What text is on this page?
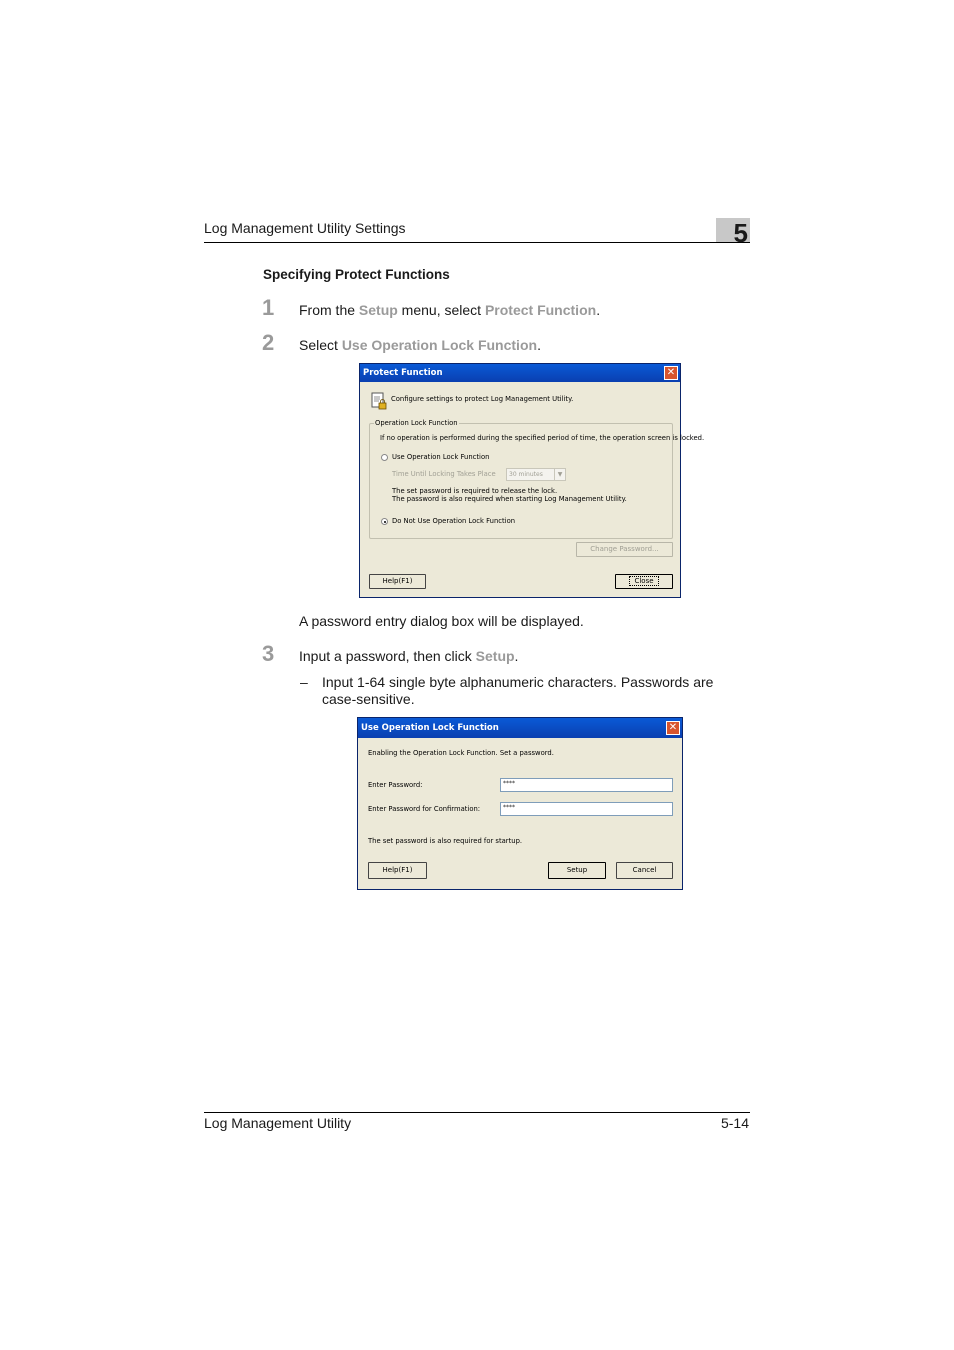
Log Management Utility Settings	5
Specifying Protect Functions
1 From the Setup menu, select Protect Function.
2 Select Use Operation Lock Function.
Protect Function	✕
Configure settings to protect Log Management Utility.
Operation Lock Function
If no operation is performed during the specified period of time, the operation screen is locked.
Use Operation Lock Function
Time Until Locking Takes Place	30 minutes	▼
The set password is required to release the lock.
The password is also required when starting Log Management Utility.
Do Not Use Operation Lock Function
Change Password...
Help(F1)	Close
A password entry dialog box will be displayed.
3 Input a password, then click Setup.
– Input 1-64 single byte alphanumeric characters. Passwords are
case-sensitive.
Use Operation Lock Function	✕
Enabling the Operation Lock Function. Set a password.
Enter Password:	****
Enter Password for Confirmation:	****
The set password is also required for startup.
Help(F1)	Setup	Cancel
Log Management Utility	5-14
